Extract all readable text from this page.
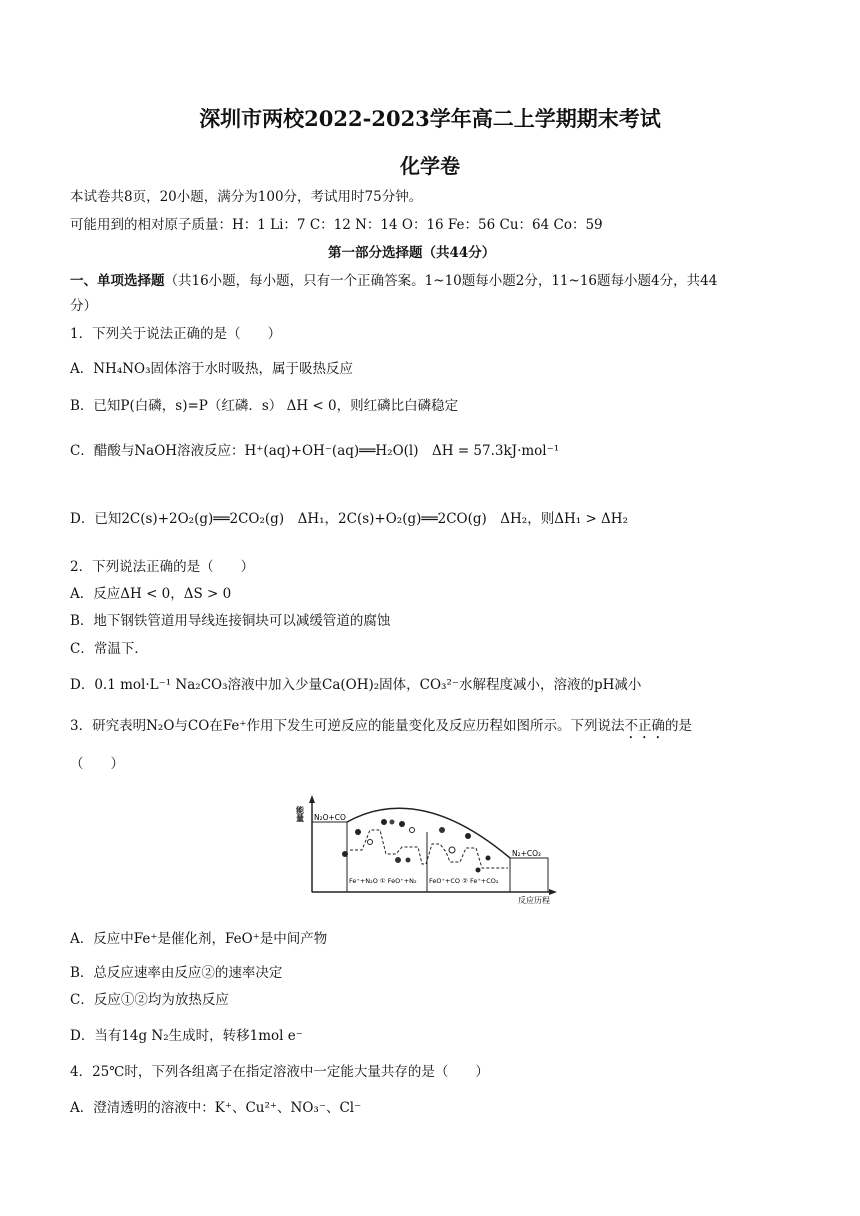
深圳市两校2022-2023学年高二上学期期末考试
化学卷
本试卷共8页，20小题，满分为100分，考试用时75分钟。
可能用到的相对原子质量：H：1 Li：7 C：12 N：14 O：16 Fe：56 Cu：64 Co：59
第一部分选择题（共44分）
一、单项选择题（共16小题，每小题，只有一个正确答案。1~10题每小题2分，11~16题每小题4分，共44
分）
1．下列关于说法正确的是（　　）
A．NH₄NO₃固体溶于水时吸热，属于吸热反应
B．已知P(白磷，s)=P（红磷．s） ΔH < 0，则红磷比白磷稳定
C．醋酸与NaOH溶液反应：H⁺(aq)+OH⁻(aq)══H₂O(l)　ΔH = 57.3kJ·mol⁻¹
D．已知2C(s)+2O₂(g)══2CO₂(g)　ΔH₁，2C(s)+O₂(g)══2CO(g)　ΔH₂，则ΔH₁ > ΔH₂
2．下列说法正确的是（　　）
A．反应ΔH < 0，ΔS > 0
B．地下钢铁管道用导线连接铜块可以减缓管道的腐蚀
C．常温下．
D．0.1 mol·L⁻¹ Na₂CO₃溶液中加入少量Ca(OH)₂固体，CO₃²⁻水解程度减小，溶液的pH减小
3．研究表明N₂O与CO在Fe⁺作用下发生可逆反应的能量变化及反应历程如图所示。下列说法不正确的是
（　　）
能量
反应历程
N₂O+CO
N₂+CO₂
Fe⁺+N₂O ① FeO⁺+N₂ FeO⁺+CO ② Fe⁺+CO₂
A．反应中Fe⁺是催化剂，FeO⁺是中间产物
B．总反应速率由反应②的速率决定
C．反应①②均为放热反应
D．当有14g N₂生成时，转移1mol e⁻
4．25℃时，下列各组离子在指定溶液中一定能大量共存的是（　　）
A．澄清透明的溶液中：K⁺、Cu²⁺、NO₃⁻、Cl⁻
